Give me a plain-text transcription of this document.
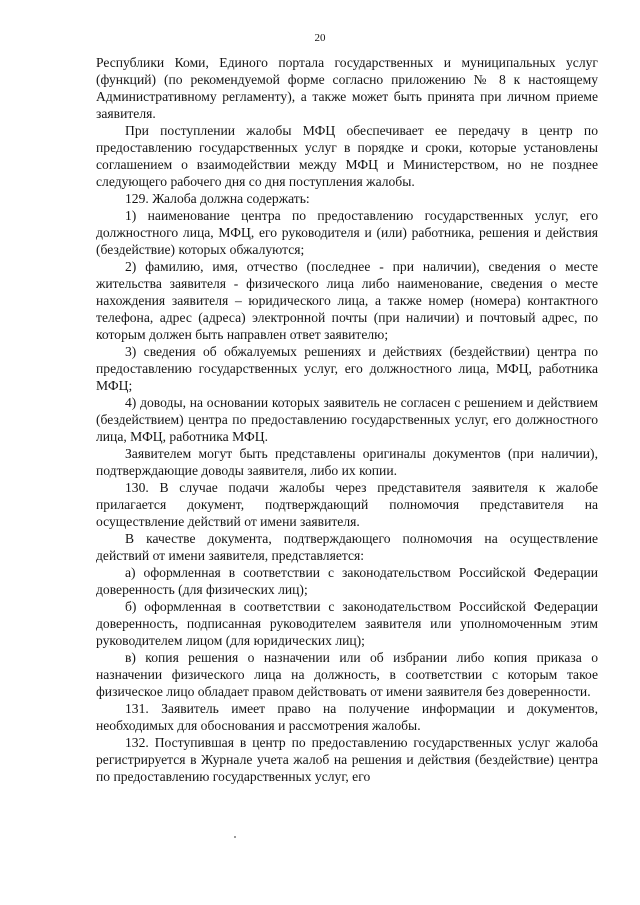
20

Республики Коми, Единого портала государственных и муниципальных услуг (функций) (по рекомендуемой форме согласно приложению № 8 к настоящему Административному регламенту), а также может быть принята при личном приеме заявителя.

При поступлении жалобы МФЦ обеспечивает ее передачу в центр по предоставлению государственных услуг в порядке и сроки, которые установлены соглашением о взаимодействии между МФЦ и Министерством, но не позднее следующего рабочего дня со дня поступления жалобы.

129. Жалоба должна содержать:

1) наименование центра по предоставлению государственных услуг, его должностного лица, МФЦ, его руководителя и (или) работника, решения и действия (бездействие) которых обжалуются;

2) фамилию, имя, отчество (последнее - при наличии), сведения о месте жительства заявителя - физического лица либо наименование, сведения о месте нахождения заявителя – юридического лица, а также номер (номера) контактного телефона, адрес (адреса) электронной почты (при наличии) и почтовый адрес, по которым должен быть направлен ответ заявителю;

3) сведения об обжалуемых решениях и действиях (бездействии) центра по предоставлению государственных услуг, его должностного лица, МФЦ, работника МФЦ;

4) доводы, на основании которых заявитель не согласен с решением и действием (бездействием) центра по предоставлению государственных услуг, его должностного лица, МФЦ, работника МФЦ.

Заявителем могут быть представлены оригиналы документов (при наличии), подтверждающие доводы заявителя, либо их копии.

130. В случае подачи жалобы через представителя заявителя к жалобе прилагается документ, подтверждающий полномочия представителя на осуществление действий от имени заявителя.

В качестве документа, подтверждающего полномочия на осуществление действий от имени заявителя, представляется:

а) оформленная в соответствии с законодательством Российской Федерации доверенность (для физических лиц);

б) оформленная в соответствии с законодательством Российской Федерации доверенность, подписанная руководителем заявителя или уполномоченным этим руководителем лицом (для юридических лиц);

в) копия решения о назначении или об избрании либо копия приказа о назначении физического лица на должность, в соответствии с которым такое физическое лицо обладает правом действовать от имени заявителя без доверенности.

131. Заявитель имеет право на получение информации и документов, необходимых для обоснования и рассмотрения жалобы.

132. Поступившая в центр по предоставлению государственных услуг жалоба регистрируется в Журнале учета жалоб на решения и действия (бездействие) центра по предоставлению государственных услуг, его
